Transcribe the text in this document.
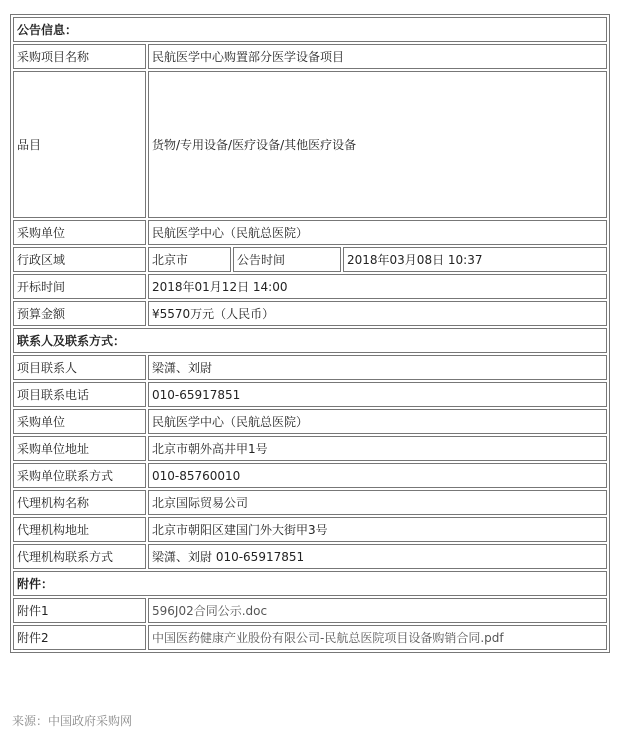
公告信息：			
采购项目名称	民航医学中心购置部分医学设备项目		
品目	货物/专用设备/医疗设备/其他医疗设备		
采购单位	民航医学中心（民航总医院）		
行政区域	北京市	公告时间	2018年03月08日 10:37
开标时间	2018年01月12日 14:00		
预算金额	¥5570万元（人民币）		
联系人及联系方式：			
项目联系人	梁潇、刘尉		
项目联系电话	010-65917851		
采购单位	民航医学中心（民航总医院）		
采购单位地址	北京市朝外高井甲1号		
采购单位联系方式	010-85760010		
代理机构名称	北京国际贸易公司		
代理机构地址	北京市朝阳区建国门外大街甲3号		
代理机构联系方式	梁潇、刘尉 010-65917851		
附件：			
附件1	596J02合同公示.doc		
附件2	中国医药健康产业股份有限公司-民航总医院项目设备购销合同.pdf		
来源：中国政府采购网
